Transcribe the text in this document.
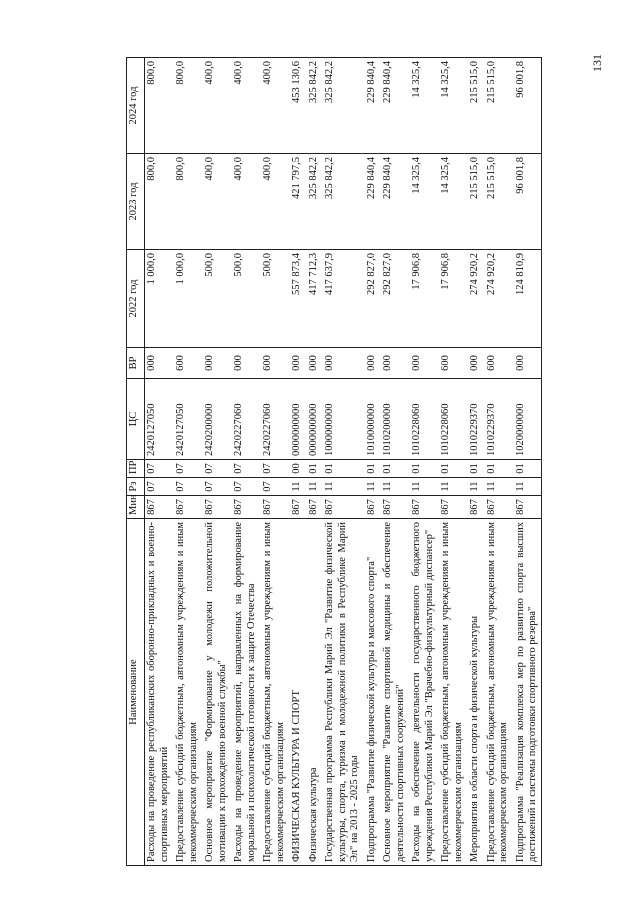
131
Наименование	Мин	Рз	ПР	ЦС	ВР	2022 год	2023 год	2024 год
Расходы на проведение республиканских оборонно-прикладных и военно-спортивных мероприятий	867	07	07	2420127050	000	1 000,0	800,0	800,0
Предоставление субсидий бюджетным, автономным учреждениям и иным некоммерческим организациям	867	07	07	2420127050	600	1 000,0	800,0	800,0
Основное мероприятие "Формирование у молодежи положительной мотивации к прохождению военной службы"	867	07	07	2420200000	000	500,0	400,0	400,0
Расходы на проведение мероприятий, направленных на формирование моральной и психологической готовности к защите Отечества	867	07	07	2420227060	000	500,0	400,0	400,0
Предоставление субсидий бюджетным, автономным учреждениям и иным некоммерческим организациям	867	07	07	2420227060	600	500,0	400,0	400,0
ФИЗИЧЕСКАЯ КУЛЬТУРА И СПОРТ	867	11	00	0000000000	000	557 873,4	421 797,5	453 130,6
Физическая культура	867	11	01	0000000000	000	417 712,3	325 842,2	325 842,2
Государственная программа Республики Марий Эл "Развитие физической культуры, спорта, туризма и молодежной политики в Республике Марий Эл" на 2013 - 2025 годы	867	11	01	1000000000	000	417 637,9	325 842,2	325 842,2
Подпрограмма "Развитие физической культуры и массового спорта"	867	11	01	1010000000	000	292 827,0	229 840,4	229 840,4
Основное мероприятие "Развитие спортивной медицины и обеспечение деятельности спортивных сооружений"	867	11	01	1010200000	000	292 827,0	229 840,4	229 840,4
Расходы на обеспечение деятельности государственного бюджетного учреждения Республики Марий Эл "Врачебно-физкультурный диспансер"	867	11	01	1010228060	000	17 906,8	14 325,4	14 325,4
Предоставление субсидий бюджетным, автономным учреждениям и иным некоммерческим организациям	867	11	01	1010228060	600	17 906,8	14 325,4	14 325,4
Мероприятия в области спорта и физической культуры	867	11	01	1010229370	000	274 920,2	215 515,0	215 515,0
Предоставление субсидий бюджетным, автономным учреждениям и иным некоммерческим организациям	867	11	01	1010229370	600	274 920,2	215 515,0	215 515,0
Подпрограмма "Реализация комплекса мер по развитию спорта высших достижений и системы подготовки спортивного резерва"	867	11	01	1020000000	000	124 810,9	96 001,8	96 001,8
